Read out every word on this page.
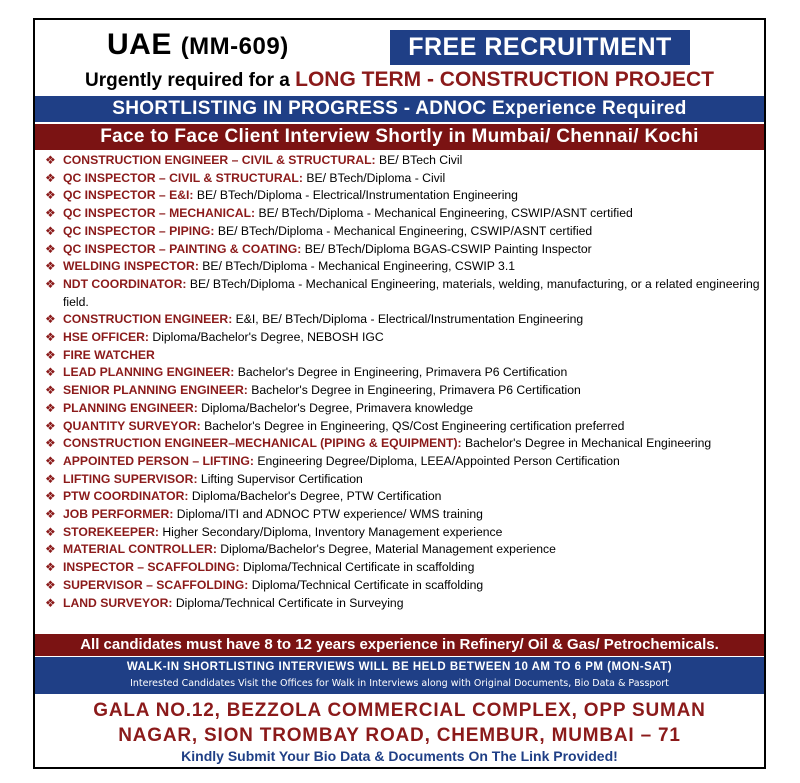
UAE (MM-609)	FREE RECRUITMENT
Urgently required for a LONG TERM - CONSTRUCTION PROJECT
SHORTLISTING IN PROGRESS - ADNOC Experience Required
Face to Face Client Interview Shortly in Mumbai/ Chennai/ Kochi
❖ CONSTRUCTION ENGINEER – CIVIL & STRUCTURAL: BE/ BTech Civil
❖ QC INSPECTOR – CIVIL & STRUCTURAL: BE/ BTech/Diploma - Civil
❖ QC INSPECTOR – E&I: BE/ BTech/Diploma - Electrical/Instrumentation Engineering
❖ QC INSPECTOR – MECHANICAL: BE/ BTech/Diploma - Mechanical Engineering, CSWIP/ASNT certified
❖ QC INSPECTOR – PIPING: BE/ BTech/Diploma - Mechanical Engineering, CSWIP/ASNT certified
❖ QC INSPECTOR – PAINTING & COATING: BE/ BTech/Diploma BGAS-CSWIP Painting Inspector
❖ WELDING INSPECTOR: BE/ BTech/Diploma - Mechanical Engineering, CSWIP 3.1
❖ NDT COORDINATOR: BE/ BTech/Diploma - Mechanical Engineering, materials, welding, manufacturing, or a related engineering field.
❖ CONSTRUCTION ENGINEER: E&I, BE/ BTech/Diploma - Electrical/Instrumentation Engineering
❖ HSE OFFICER: Diploma/Bachelor's Degree, NEBOSH IGC
❖ FIRE WATCHER
❖ LEAD PLANNING ENGINEER: Bachelor's Degree in Engineering, Primavera P6 Certification
❖ SENIOR PLANNING ENGINEER: Bachelor's Degree in Engineering, Primavera P6 Certification
❖ PLANNING ENGINEER: Diploma/Bachelor's Degree, Primavera knowledge
❖ QUANTITY SURVEYOR: Bachelor's Degree in Engineering, QS/Cost Engineering certification preferred
❖ CONSTRUCTION ENGINEER–MECHANICAL (PIPING & EQUIPMENT): Bachelor's Degree in Mechanical Engineering
❖ APPOINTED PERSON – LIFTING: Engineering Degree/Diploma, LEEA/Appointed Person Certification
❖ LIFTING SUPERVISOR: Lifting Supervisor Certification
❖ PTW COORDINATOR: Diploma/Bachelor's Degree, PTW Certification
❖ JOB PERFORMER: Diploma/ITI and ADNOC PTW experience/ WMS training
❖ STOREKEEPER: Higher Secondary/Diploma, Inventory Management experience
❖ MATERIAL CONTROLLER: Diploma/Bachelor's Degree, Material Management experience
❖ INSPECTOR – SCAFFOLDING: Diploma/Technical Certificate in scaffolding
❖ SUPERVISOR – SCAFFOLDING: Diploma/Technical Certificate in scaffolding
❖ LAND SURVEYOR: Diploma/Technical Certificate in Surveying
All candidates must have 8 to 12 years experience in Refinery/ Oil & Gas/ Petrochemicals.
WALK-IN SHORTLISTING INTERVIEWS WILL BE HELD BETWEEN 10 AM TO 6 PM (MON-SAT)
Interested Candidates Visit the Offices for Walk in Interviews along with Original Documents, Bio Data & Passport
GALA NO.12, BEZZOLA COMMERCIAL COMPLEX, OPP SUMAN
NAGAR, SION TROMBAY ROAD, CHEMBUR, MUMBAI – 71
Kindly Submit Your Bio Data & Documents On The Link Provided!
